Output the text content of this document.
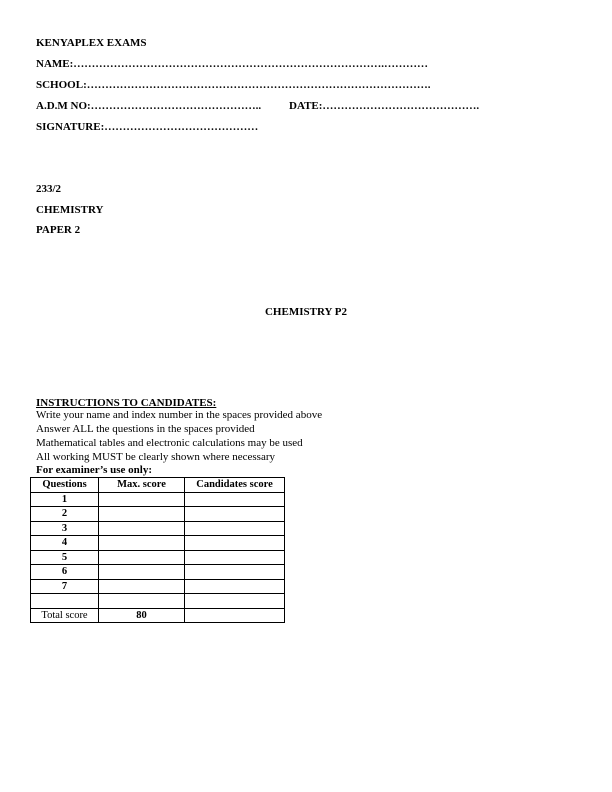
KENYAPLEX EXAMS
NAME:………………………………………………………………………….…………
SCHOOL:………………………………………………………………………………….
A.D.M NO:………………………………………..	DATE:…………………………………….
SIGNATURE:……………………………………
233/2
CHEMISTRY
PAPER 2
CHEMISTRY P2
INSTRUCTIONS TO CANDIDATES:
Write your name and index number in the spaces provided above
Answer ALL the questions in the spaces provided
Mathematical tables and electronic calculations may be used
All working MUST be clearly shown where necessary
For examiner’s use only:
Questions	Max. score	Candidates score
1		
2		
3		
4		
5		
6		
7		

Total score	80	
